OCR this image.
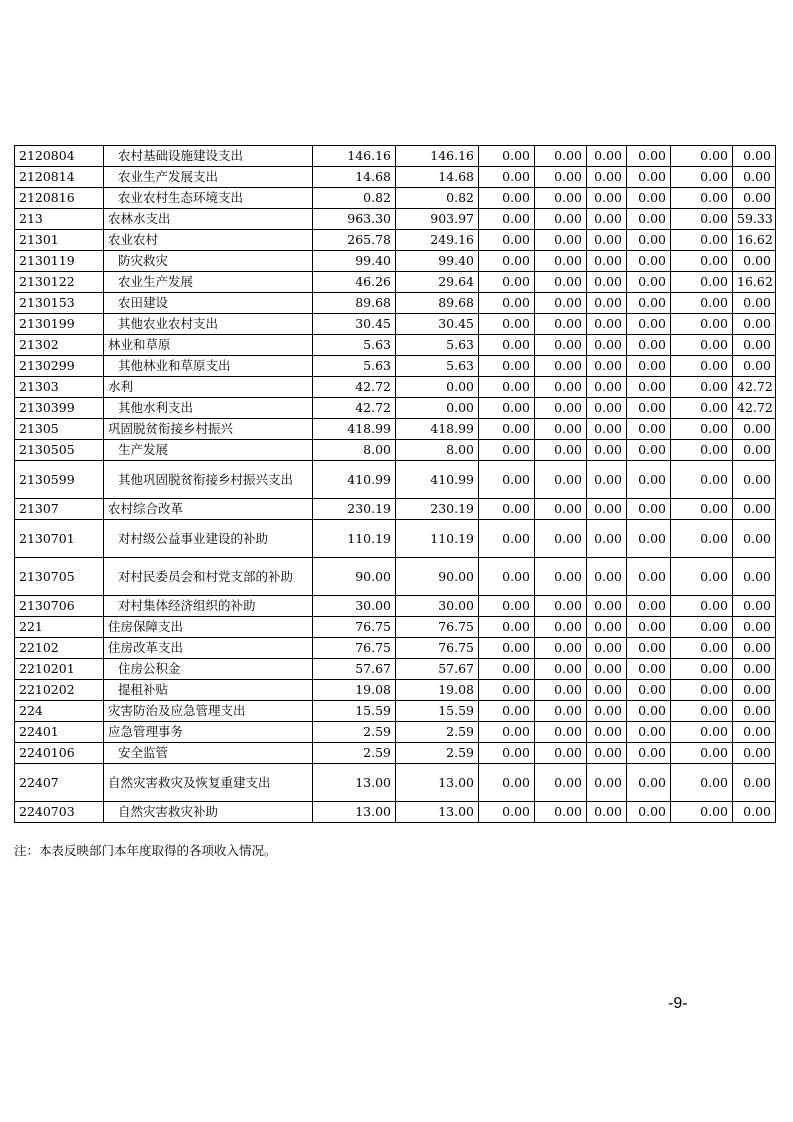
2120804	农村基础设施建设支出	146.16	146.16	0.00	0.00	0.00	0.00	0.00	0.00
2120814	农业生产发展支出	14.68	14.68	0.00	0.00	0.00	0.00	0.00	0.00
2120816	农业农村生态环境支出	0.82	0.82	0.00	0.00	0.00	0.00	0.00	0.00
213	农林水支出	963.30	903.97	0.00	0.00	0.00	0.00	0.00	59.33
21301	农业农村	265.78	249.16	0.00	0.00	0.00	0.00	0.00	16.62
2130119	防灾救灾	99.40	99.40	0.00	0.00	0.00	0.00	0.00	0.00
2130122	农业生产发展	46.26	29.64	0.00	0.00	0.00	0.00	0.00	16.62
2130153	农田建设	89.68	89.68	0.00	0.00	0.00	0.00	0.00	0.00
2130199	其他农业农村支出	30.45	30.45	0.00	0.00	0.00	0.00	0.00	0.00
21302	林业和草原	5.63	5.63	0.00	0.00	0.00	0.00	0.00	0.00
2130299	其他林业和草原支出	5.63	5.63	0.00	0.00	0.00	0.00	0.00	0.00
21303	水利	42.72	0.00	0.00	0.00	0.00	0.00	0.00	42.72
2130399	其他水利支出	42.72	0.00	0.00	0.00	0.00	0.00	0.00	42.72
21305	巩固脱贫衔接乡村振兴	418.99	418.99	0.00	0.00	0.00	0.00	0.00	0.00
2130505	生产发展	8.00	8.00	0.00	0.00	0.00	0.00	0.00	0.00
2130599	其他巩固脱贫衔接乡村振兴支出	410.99	410.99	0.00	0.00	0.00	0.00	0.00	0.00
21307	农村综合改革	230.19	230.19	0.00	0.00	0.00	0.00	0.00	0.00
2130701	对村级公益事业建设的补助	110.19	110.19	0.00	0.00	0.00	0.00	0.00	0.00
2130705	对村民委员会和村党支部的补助	90.00	90.00	0.00	0.00	0.00	0.00	0.00	0.00
2130706	对村集体经济组织的补助	30.00	30.00	0.00	0.00	0.00	0.00	0.00	0.00
221	住房保障支出	76.75	76.75	0.00	0.00	0.00	0.00	0.00	0.00
22102	住房改革支出	76.75	76.75	0.00	0.00	0.00	0.00	0.00	0.00
2210201	住房公积金	57.67	57.67	0.00	0.00	0.00	0.00	0.00	0.00
2210202	提租补贴	19.08	19.08	0.00	0.00	0.00	0.00	0.00	0.00
224	灾害防治及应急管理支出	15.59	15.59	0.00	0.00	0.00	0.00	0.00	0.00
22401	应急管理事务	2.59	2.59	0.00	0.00	0.00	0.00	0.00	0.00
2240106	安全监管	2.59	2.59	0.00	0.00	0.00	0.00	0.00	0.00
22407	自然灾害救灾及恢复重建支出	13.00	13.00	0.00	0.00	0.00	0.00	0.00	0.00
2240703	自然灾害救灾补助	13.00	13.00	0.00	0.00	0.00	0.00	0.00	0.00
注：本表反映部门本年度取得的各项收入情况。
-9-
